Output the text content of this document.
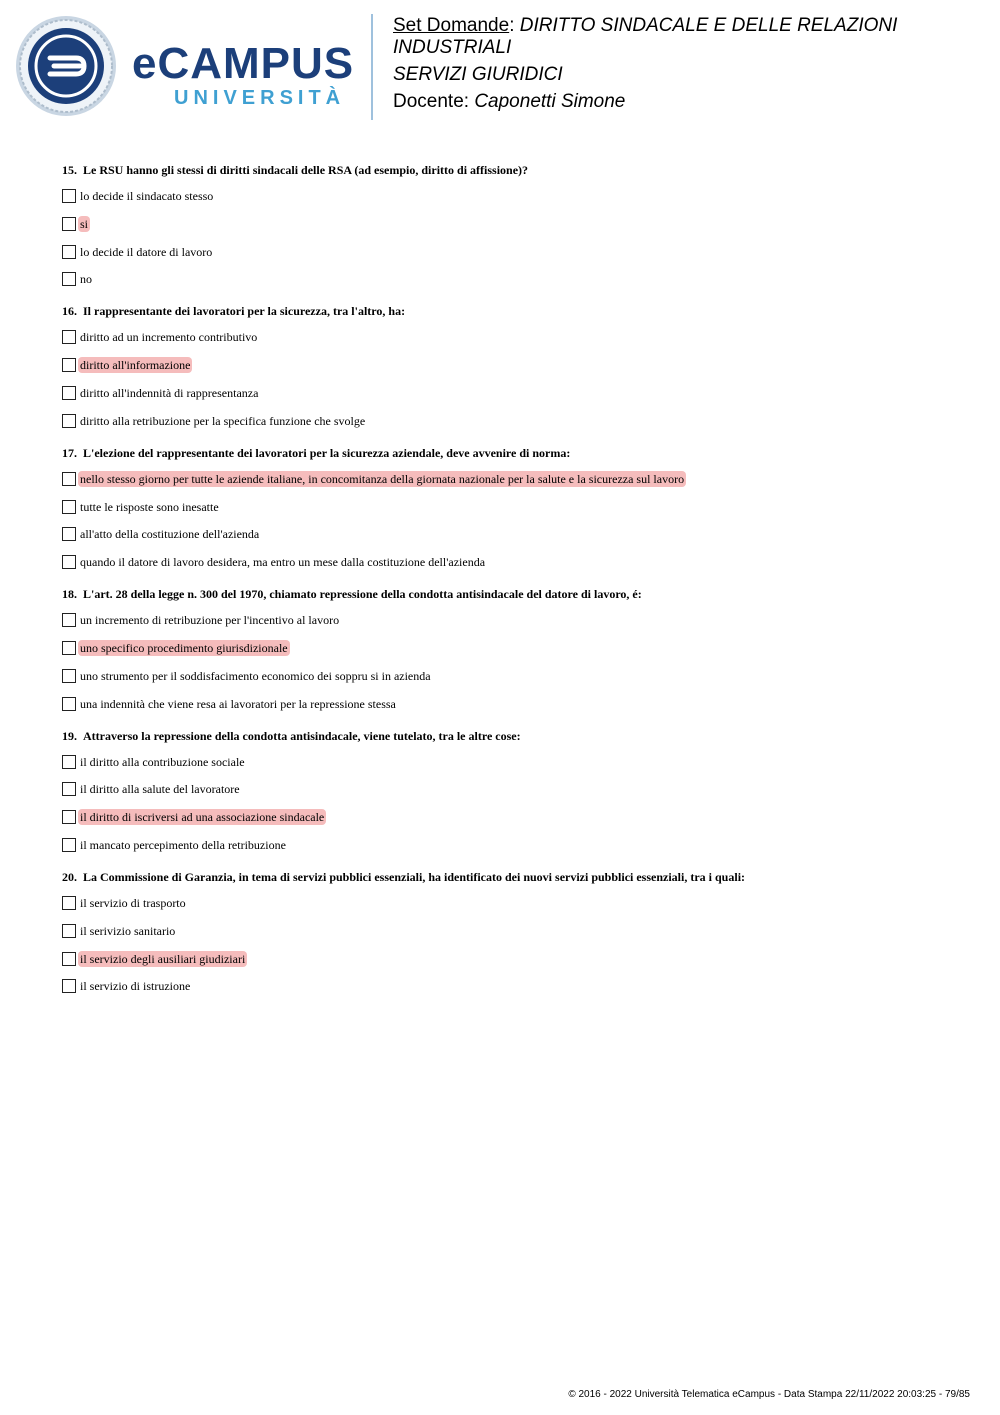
eCAMPUS
UNIVERSITÀ
Set Domande: DIRITTO SINDACALE E DELLE RELAZIONI
INDUSTRIALI
SERVIZI GIURIDICI
Docente: Caponetti Simone
15. Le RSU hanno gli stessi di diritti sindacali delle RSA (ad esempio, diritto di affissione)?
lo decide il sindacato stesso
si
lo decide il datore di lavoro
no
16. Il rappresentante dei lavoratori per la sicurezza, tra l'altro, ha:
diritto ad un incremento contributivo
diritto all'informazione
diritto all'indennità di rappresentanza
diritto alla retribuzione per la specifica funzione che svolge
17. L'elezione del rappresentante dei lavoratori per la sicurezza aziendale, deve avvenire di norma:
nello stesso giorno per tutte le aziende italiane, in concomitanza della giornata nazionale per la salute e la sicurezza sul lavoro
tutte le risposte sono inesatte
all'atto della costituzione dell'azienda
quando il datore di lavoro desidera, ma entro un mese dalla costituzione dell'azienda
18. L'art. 28 della legge n. 300 del 1970, chiamato repressione della condotta antisindacale del datore di lavoro, é:
un incremento di retribuzione per l'incentivo al lavoro
uno specifico procedimento giurisdizionale
uno strumento per il soddisfacimento economico dei soppru si in azienda
una indennità che viene resa ai lavoratori per la repressione stessa
19. Attraverso la repressione della condotta antisindacale, viene tutelato, tra le altre cose:
il diritto alla contribuzione sociale
il diritto alla salute del lavoratore
il diritto di iscriversi ad una associazione sindacale
il mancato percepimento della retribuzione
20. La Commissione di Garanzia, in tema di servizi pubblici essenziali, ha identificato dei nuovi servizi pubblici essenziali, tra i quali:
il servizio di trasporto
il serivizio sanitario
il servizio degli ausiliari giudiziari
il servizio di istruzione
© 2016 - 2022 Università Telematica eCampus - Data Stampa 22/11/2022 20:03:25 - 79/85
